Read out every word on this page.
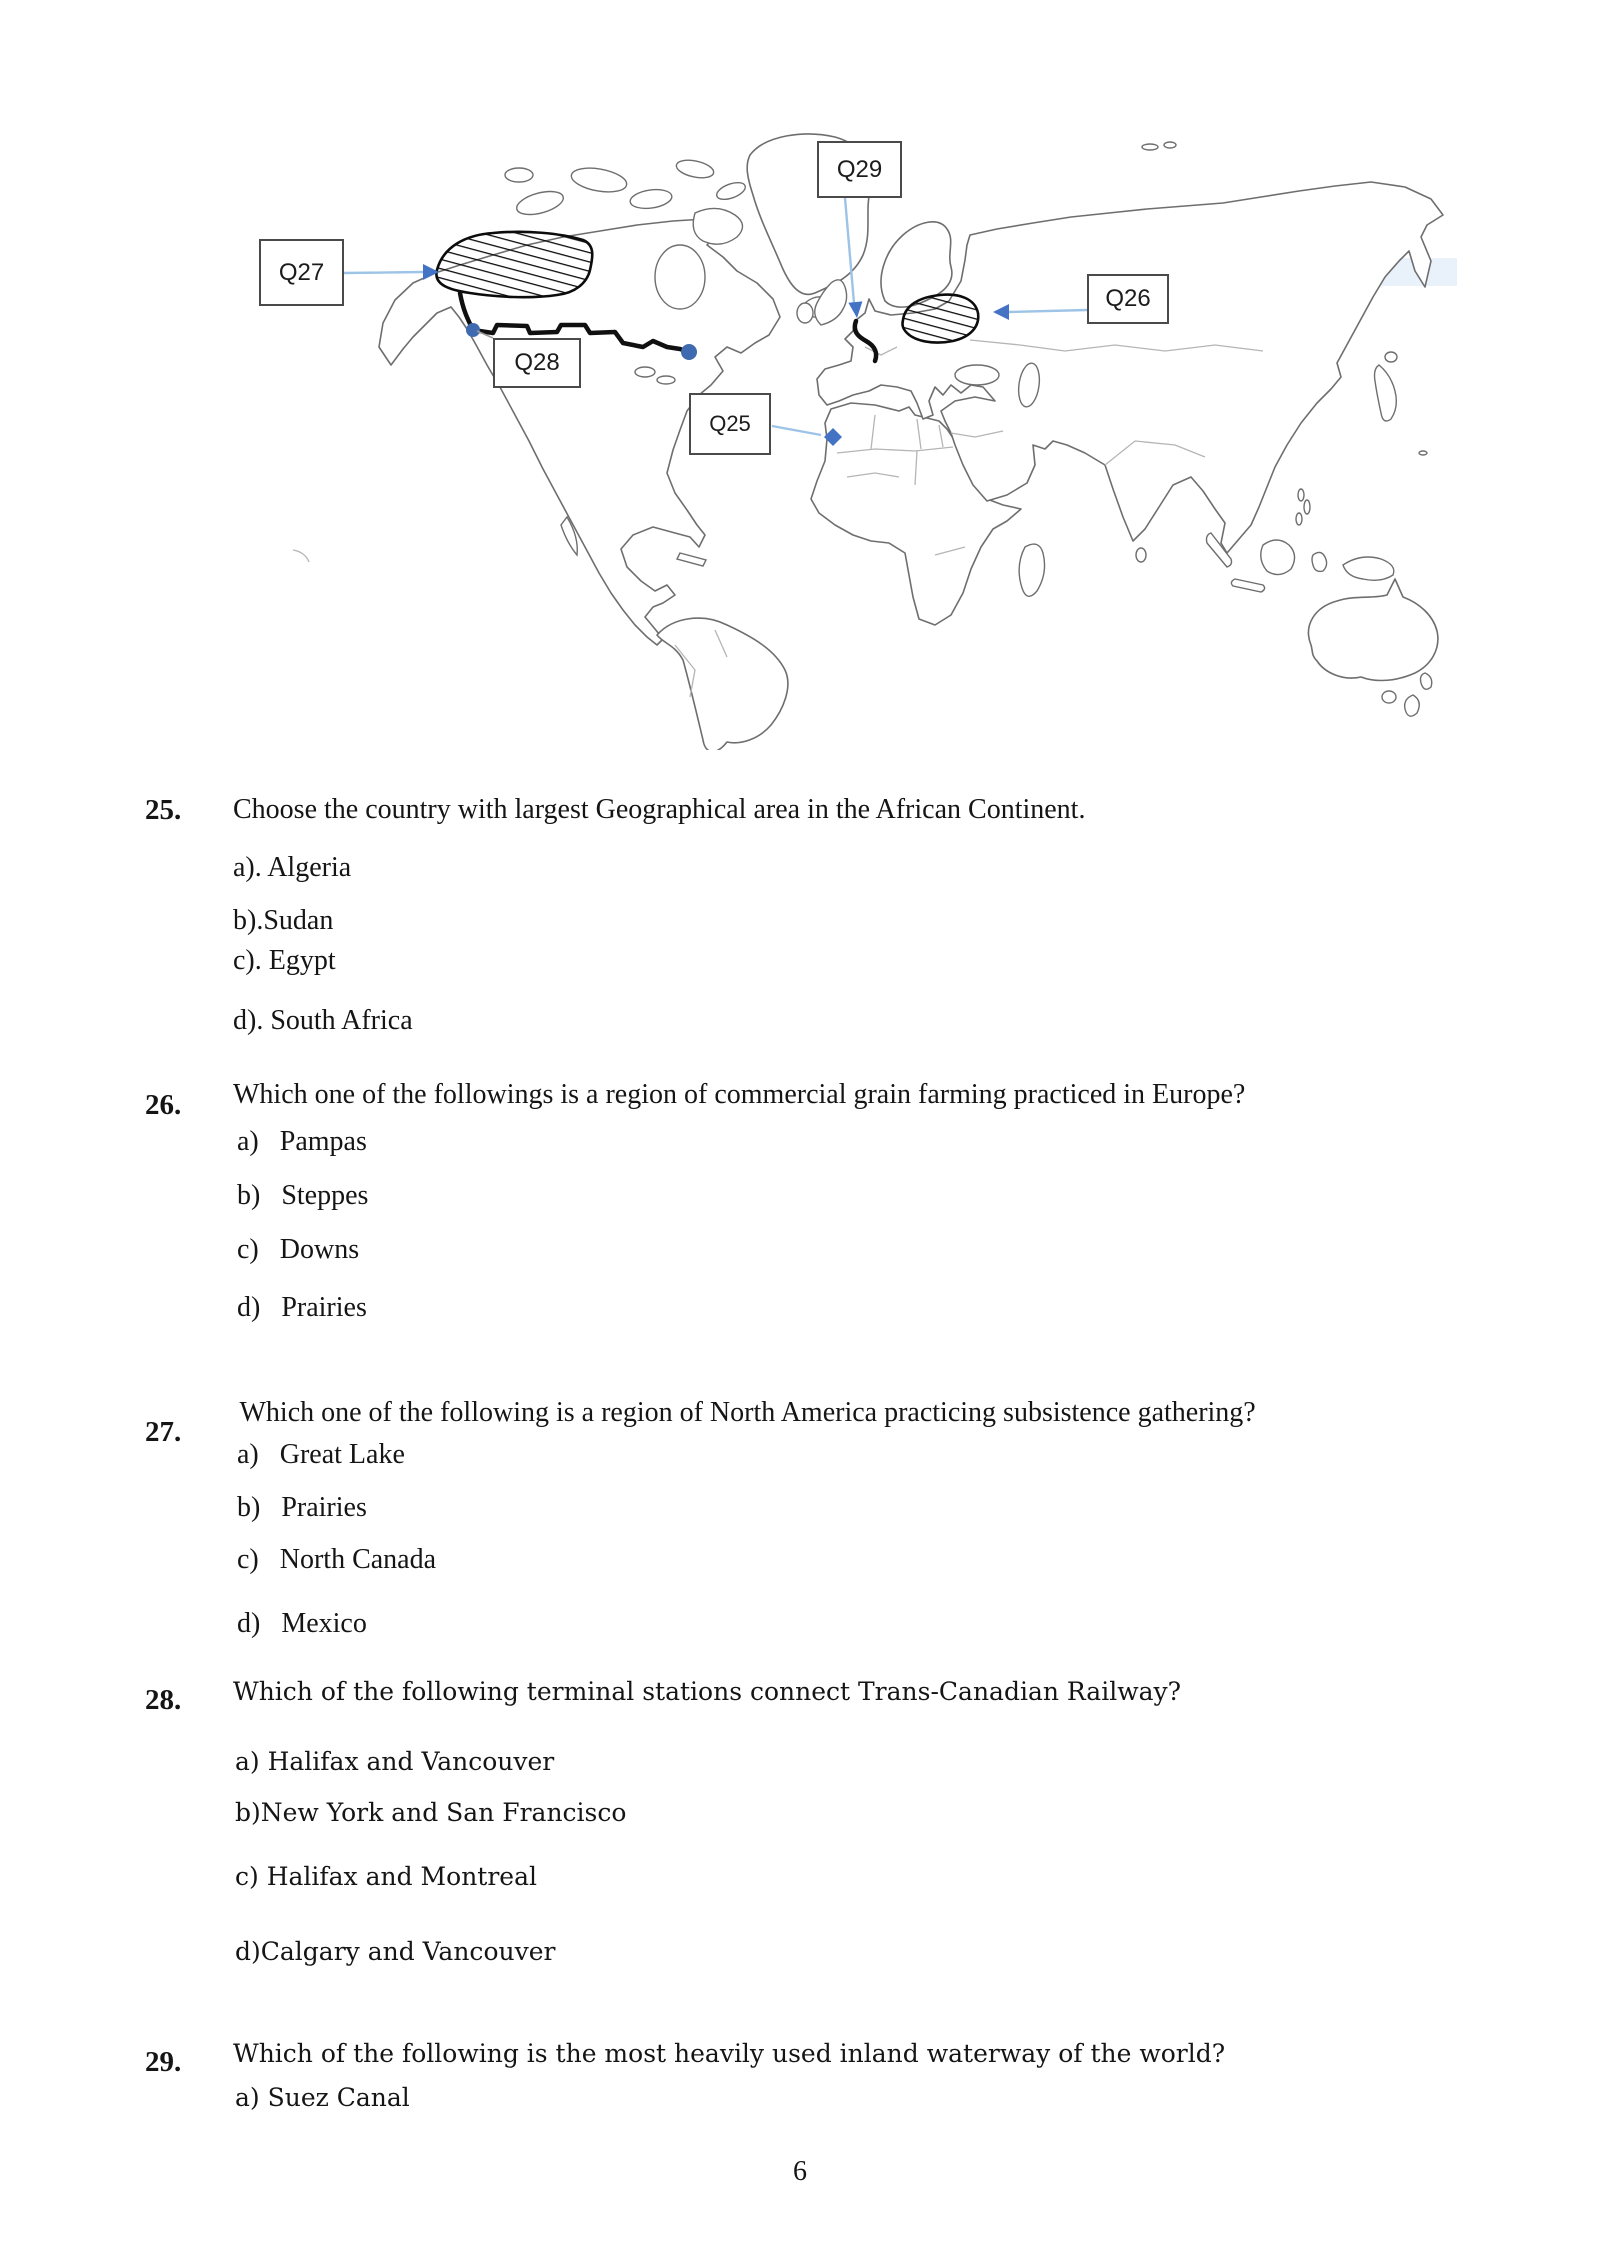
Q27
Q29
Q26
Q28
Q25
25. Choose the country with largest Geographical area in the African Continent.
a). Algeria
b).Sudan
c). Egypt
d). South Africa
26. Which one of the followings is a region of commercial grain farming practiced in Europe?
a)   Pampas
b)   Steppes
c)   Downs
d)   Prairies
27.
Which one of the following is a region of North America practicing subsistence gathering?
a)   Great Lake
b)   Prairies
c)   North Canada
d)   Mexico
28. Which of the following terminal stations connect Trans-Canadian Railway?
a) Halifax and Vancouver
b)New York and San Francisco
c) Halifax and Montreal
d)Calgary and Vancouver
29. Which of the following is the most heavily used inland waterway of the world?
a) Suez Canal
6
